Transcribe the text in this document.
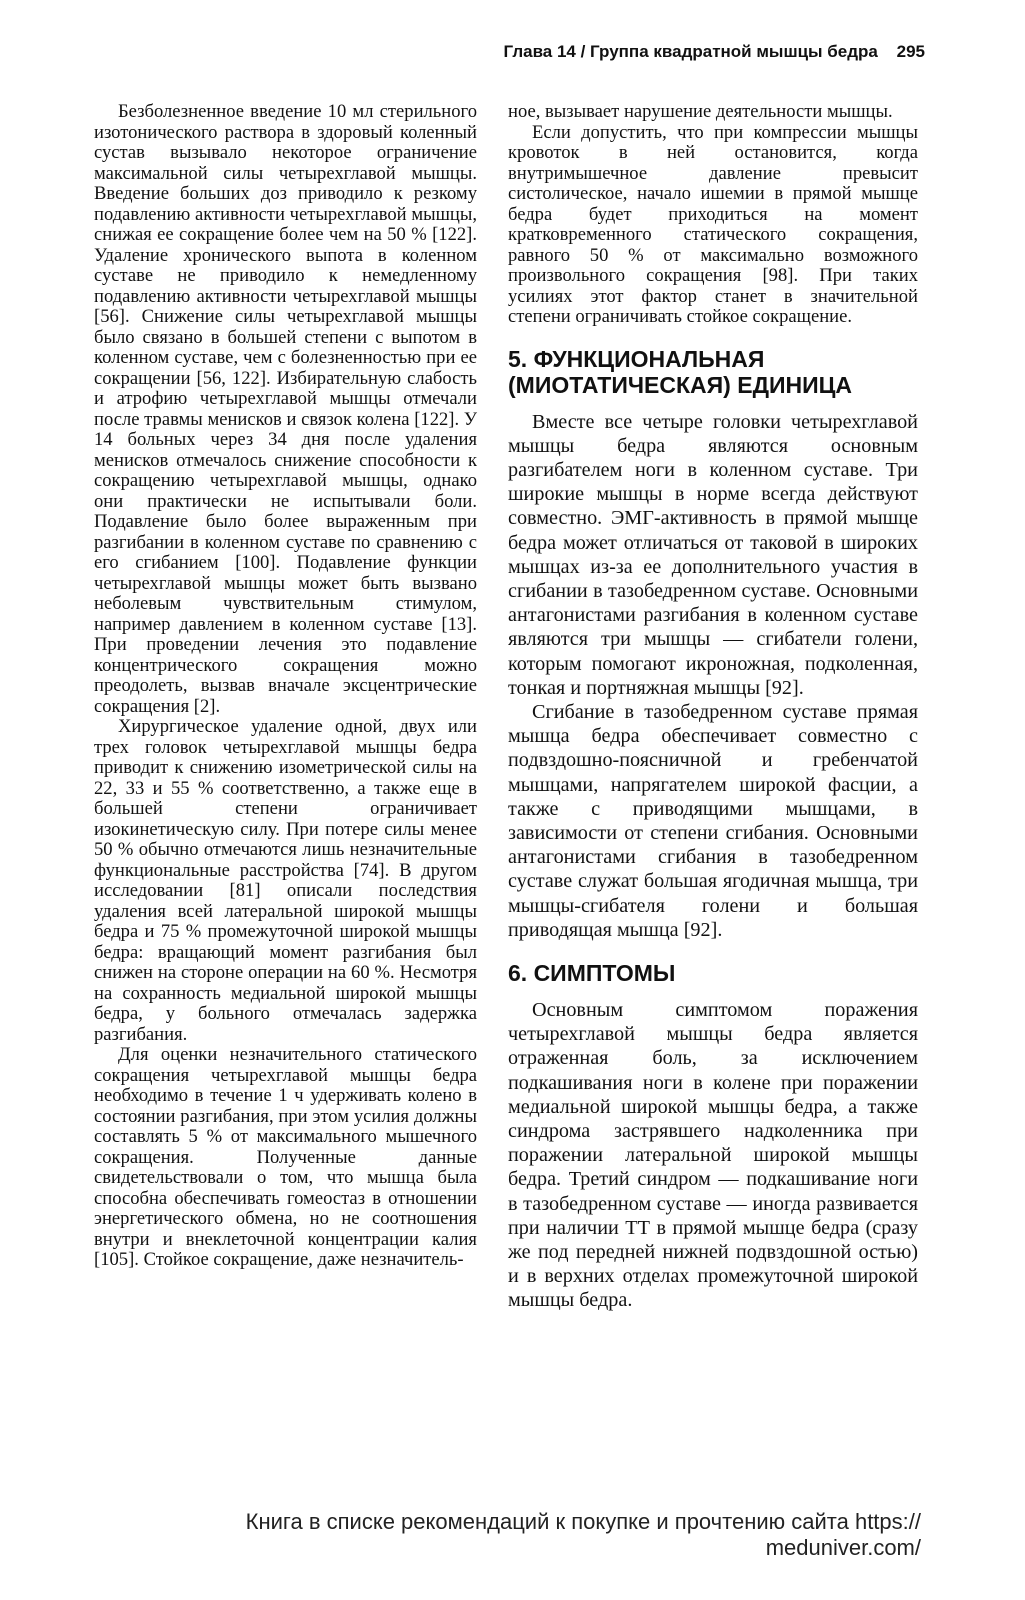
Глава 14 / Группа квадратной мышцы бедра 295

Безболезненное введение 10 мл стерильного изотонического раствора в здоровый коленный сустав вызывало некоторое ограничение максимальной силы четырехглавой мышцы. Введение больших доз приводило к резкому подавлению активности четырехглавой мышцы, снижая ее сокращение более чем на 50 % [122]. Удаление хронического выпота в коленном суставе не приводило к немедленному подавлению активности четырехглавой мышцы [56]. Снижение силы четырехглавой мышцы было связано в большей степени с выпотом в коленном суставе, чем с болезненностью при ее сокращении [56, 122]. Избирательную слабость и атрофию четырехглавой мышцы отмечали после травмы менисков и связок колена [122]. У 14 больных через 34 дня после удаления менисков отмечалось снижение способности к сокращению четырехглавой мышцы, однако они практически не испытывали боли. Подавление было более выраженным при разгибании в коленном суставе по сравнению с его сгибанием [100]. Подавление функции четырехглавой мышцы может быть вызвано неболевым чувствительным стимулом, например давлением в коленном суставе [13]. При проведении лечения это подавление концентрического сокращения можно преодолеть, вызвав вначале эксцентрические сокращения [2].

Хирургическое удаление одной, двух или трех головок четырехглавой мышцы бедра приводит к снижению изометрической силы на 22, 33 и 55 % соответственно, а также еще в большей степени ограничивает изокинетическую силу. При потере силы менее 50 % обычно отмечаются лишь незначительные функциональные расстройства [74]. В другом исследовании [81] описали последствия удаления всей латеральной широкой мышцы бедра и 75 % промежуточной широкой мышцы бедра: вращающий момент разгибания был снижен на стороне операции на 60 %. Несмотря на сохранность медиальной широкой мышцы бедра, у больного отмечалась задержка разгибания.

Для оценки незначительного статического сокращения четырехглавой мышцы бедра необходимо в течение 1 ч удерживать колено в состоянии разгибания, при этом усилия должны составлять 5 % от максимального мышечного сокращения. Полученные данные свидетельствовали о том, что мышца была способна обеспечивать гомеостаз в отношении энергетического обмена, но не соотношения внутри и внеклеточной концентрации калия [105]. Стойкое сокращение, даже незначитель-

ное, вызывает нарушение деятельности мышцы.

Если допустить, что при компрессии мышцы кровоток в ней остановится, когда внутримышечное давление превысит систолическое, начало ишемии в прямой мышце бедра будет приходиться на момент кратковременного статического сокращения, равного 50 % от максимально возможного произвольного сокращения [98]. При таких усилиях этот фактор станет в значительной степени ограничивать стойкое сокращение.

5. ФУНКЦИОНАЛЬНАЯ (МИОТАТИЧЕСКАЯ) ЕДИНИЦА

Вместе все четыре головки четырехглавой мышцы бедра являются основным разгибателем ноги в коленном суставе. Три широкие мышцы в норме всегда действуют совместно. ЭМГ-активность в прямой мышце бедра может отличаться от таковой в широких мышцах из-за ее дополнительного участия в сгибании в тазобедренном суставе. Основными антагонистами разгибания в коленном суставе являются три мышцы — сгибатели голени, которым помогают икроножная, подколенная, тонкая и портняжная мышцы [92].

Сгибание в тазобедренном суставе прямая мышца бедра обеспечивает совместно с подвздошно-поясничной и гребенчатой мышцами, напрягателем широкой фасции, а также с приводящими мышцами, в зависимости от степени сгибания. Основными антагонистами сгибания в тазобедренном суставе служат большая ягодичная мышца, три мышцы-сгибателя голени и большая приводящая мышца [92].

6. СИМПТОМЫ

Основным симптомом поражения четырехглавой мышцы бедра является отраженная боль, за исключением подкашивания ноги в колене при поражении медиальной широкой мышцы бедра, а также синдрома застрявшего надколенника при поражении латеральной широкой мышцы бедра. Третий синдром — подкашивание ноги в тазобедренном суставе — иногда развивается при наличии ТТ в прямой мышце бедра (сразу же под передней нижней подвздошной остью) и в верхних отделах промежуточной широкой мышцы бедра.

Книга в списке рекомендаций к покупке и прочтению сайта https://
meduniver.com/
